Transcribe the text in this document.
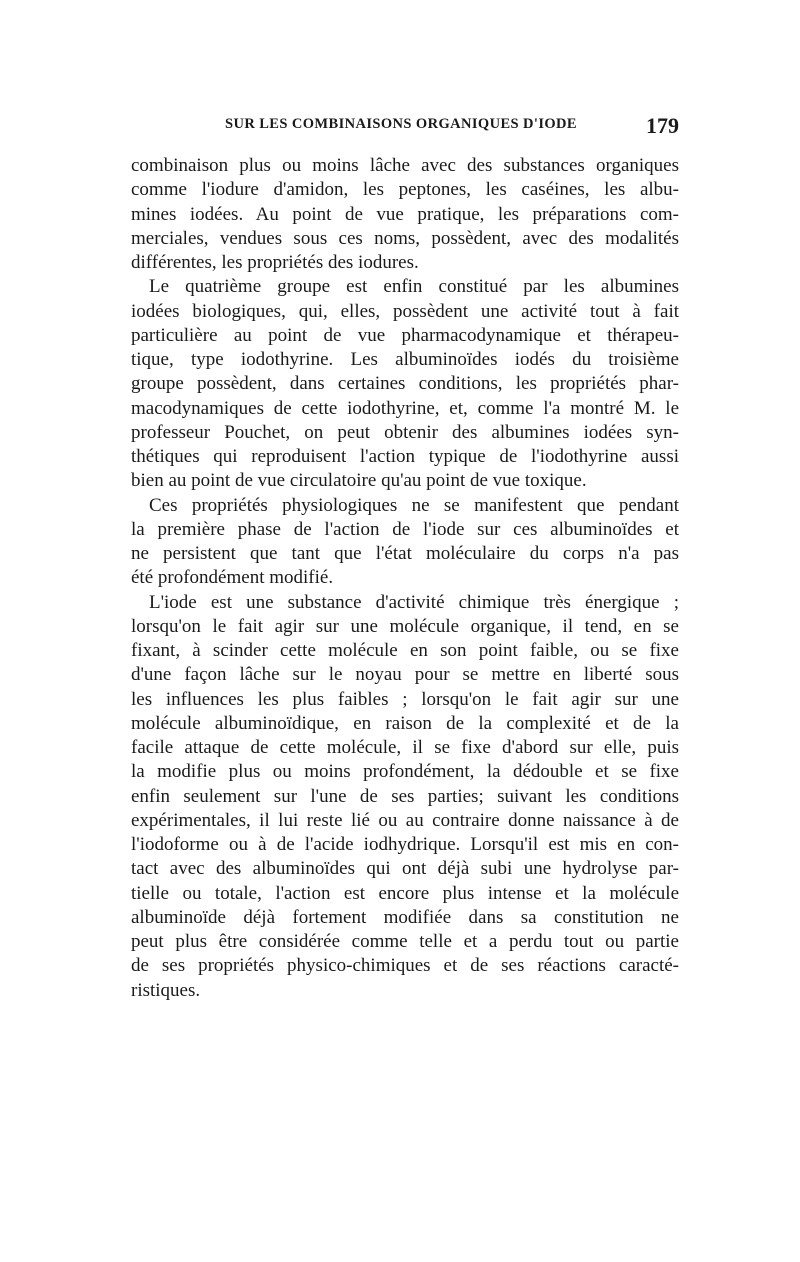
SUR LES COMBINAISONS ORGANIQUES D'IODE	179
combinaison plus ou moins lâche avec des substances organiques
comme l'iodure d'amidon, les peptones, les caséines, les albu-
mines iodées. Au point de vue pratique, les préparations com-
merciales, vendues sous ces noms, possèdent, avec des modalités
différentes, les propriétés des iodures.
Le quatrième groupe est enfin constitué par les albumines
iodées biologiques, qui, elles, possèdent une activité tout à fait
particulière au point de vue pharmacodynamique et thérapeu-
tique, type iodothyrine. Les albuminoïdes iodés du troisième
groupe possèdent, dans certaines conditions, les propriétés phar-
macodynamiques de cette iodothyrine, et, comme l'a montré M. le
professeur Pouchet, on peut obtenir des albumines iodées syn-
thétiques qui reproduisent l'action typique de l'iodothyrine aussi
bien au point de vue circulatoire qu'au point de vue toxique.
Ces propriétés physiologiques ne se manifestent que pendant
la première phase de l'action de l'iode sur ces albuminoïdes et
ne persistent que tant que l'état moléculaire du corps n'a pas
été profondément modifié.
L'iode est une substance d'activité chimique très énergique ;
lorsqu'on le fait agir sur une molécule organique, il tend, en se
fixant, à scinder cette molécule en son point faible, ou se fixe
d'une façon lâche sur le noyau pour se mettre en liberté sous
les influences les plus faibles ; lorsqu'on le fait agir sur une
molécule albuminoïdique, en raison de la complexité et de la
facile attaque de cette molécule, il se fixe d'abord sur elle, puis
la modifie plus ou moins profondément, la dédouble et se fixe
enfin seulement sur l'une de ses parties; suivant les conditions
expérimentales, il lui reste lié ou au contraire donne naissance à de
l'iodoforme ou à de l'acide iodhydrique. Lorsqu'il est mis en con-
tact avec des albuminoïdes qui ont déjà subi une hydrolyse par-
tielle ou totale, l'action est encore plus intense et la molécule
albuminoïde déjà fortement modifiée dans sa constitution ne
peut plus être considérée comme telle et a perdu tout ou partie
de ses propriétés physico-chimiques et de ses réactions caracté-
ristiques.
